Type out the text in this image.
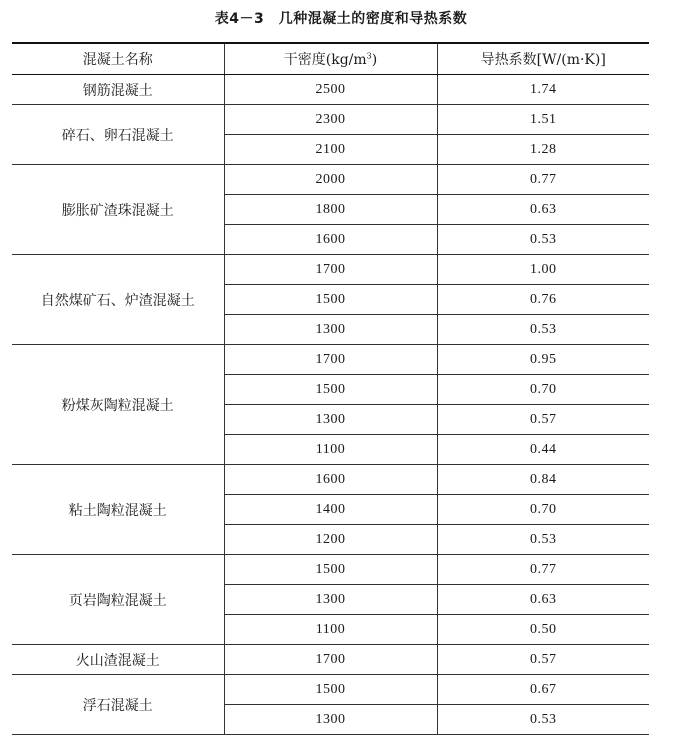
表4－3　几种混凝土的密度和导热系数
混凝土名称	干密度$(kg/m^3)$	导热系数[W/(m·K)]
钢筋混凝土	2500	1.74
碎石、卵石混凝土	2300	1.51
	2100	1.28
膨胀矿渣珠混凝土	2000	0.77
	1800	0.63
	1600	0.53
自然煤矿石、炉渣混凝土	1700	1.00
	1500	0.76
	1300	0.53
粉煤灰陶粒混凝土	1700	0.95
	1500	0.70
	1300	0.57
	1100	0.44
粘土陶粒混凝土	1600	0.84
	1400	0.70
	1200	0.53
页岩陶粒混凝土	1500	0.77
	1300	0.63
	1100	0.50
火山渣混凝土	1700	0.57
浮石混凝土	1500	0.67
	1300	0.53
